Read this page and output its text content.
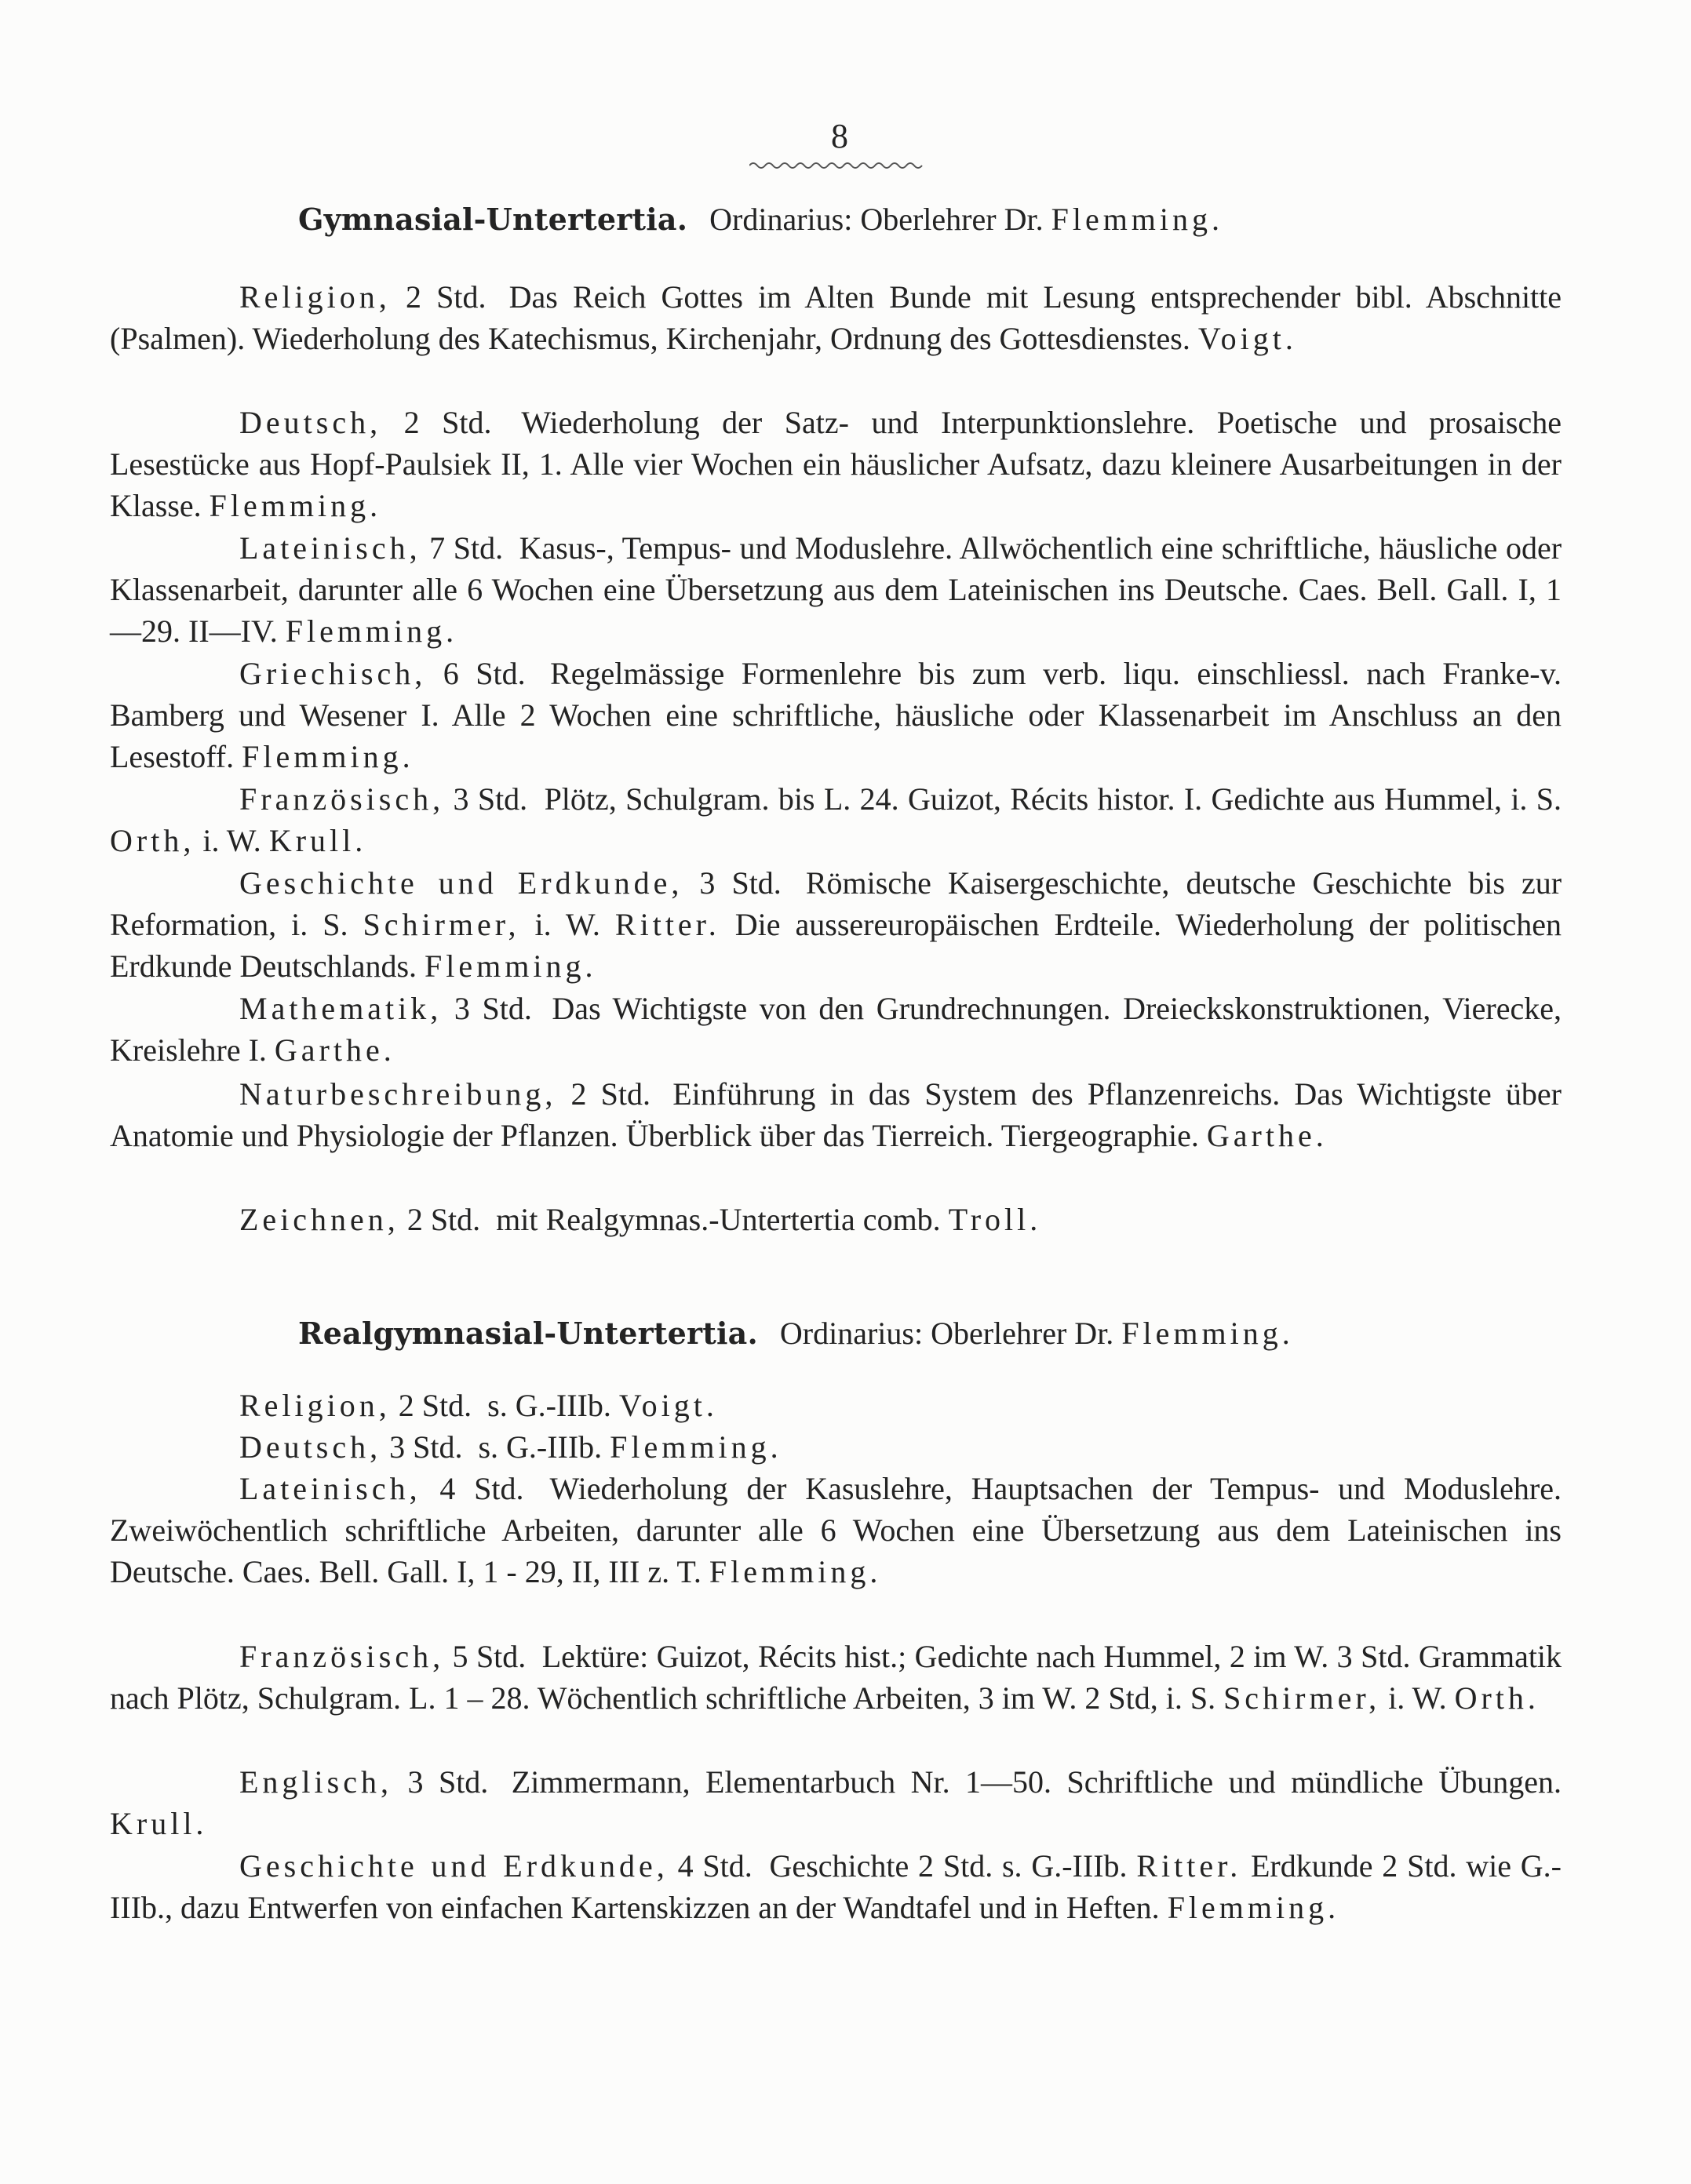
8
Gymnasial-Untertertia. Ordinarius: Oberlehrer Dr. Flemming.

Religion, 2 Std. Das Reich Gottes im Alten Bunde mit Lesung entsprechender bibl. Abschnitte (Psalmen). Wiederholung des Katechismus, Kirchenjahr, Ordnung des Gottesdienstes. Voigt.

Deutsch, 2 Std. Wiederholung der Satz- und Interpunktionslehre. Poetische und prosaische Lesestücke aus Hopf-Paulsiek II, 1. Alle vier Wochen ein häuslicher Aufsatz, dazu kleinere Ausarbeitungen in der Klasse. Flemming.

Lateinisch, 7 Std. Kasus-, Tempus- und Moduslehre. Allwöchentlich eine schriftliche, häusliche oder Klassenarbeit, darunter alle 6 Wochen eine Übersetzung aus dem Lateinischen ins Deutsche. Caes. Bell. Gall. I, 1—29. II—IV. Flemming.

Griechisch, 6 Std. Regelmässige Formenlehre bis zum verb. liqu. einschliessl. nach Franke-v. Bamberg und Wesener I. Alle 2 Wochen eine schriftliche, häusliche oder Klassenarbeit im Anschluss an den Lesestoff. Flemming.

Französisch, 3 Std. Plötz, Schulgram. bis L. 24. Guizot, Récits histor. I. Gedichte aus Hummel, i. S. Orth, i. W. Krull.

Geschichte und Erdkunde, 3 Std. Römische Kaisergeschichte, deutsche Geschichte bis zur Reformation, i. S. Schirmer, i. W. Ritter. Die aussereuropäischen Erdteile. Wiederholung der politischen Erdkunde Deutschlands. Flemming.

Mathematik, 3 Std. Das Wichtigste von den Grundrechnungen. Dreieckskonstruktionen, Vierecke, Kreislehre I. Garthe.

Naturbeschreibung, 2 Std. Einführung in das System des Pflanzenreichs. Das Wichtigste über Anatomie und Physiologie der Pflanzen. Überblick über das Tierreich. Tiergeographie. Garthe.

Zeichnen, 2 Std. mit Realgymnas.-Untertertia comb. Troll.

Realgymnasial-Untertertia. Ordinarius: Oberlehrer Dr. Flemming.

Religion, 2 Std. s. G.-IIIb. Voigt.

Deutsch, 3 Std. s. G.-IIIb. Flemming.

Lateinisch, 4 Std. Wiederholung der Kasuslehre, Hauptsachen der Tempus- und Moduslehre. Zweiwöchentlich schriftliche Arbeiten, darunter alle 6 Wochen eine Übersetzung aus dem Lateinischen ins Deutsche. Caes. Bell. Gall. I, 1 - 29, II, III z. T. Flemming.

Französisch, 5 Std. Lektüre: Guizot, Récits hist.; Gedichte nach Hummel, 2 im W. 3 Std. Grammatik nach Plötz, Schulgram. L. 1 – 28. Wöchentlich schriftliche Arbeiten, 3 im W. 2 Std, i. S. Schirmer, i. W. Orth.

Englisch, 3 Std. Zimmermann, Elementarbuch Nr. 1—50. Schriftliche und mündliche Übungen. Krull.

Geschichte und Erdkunde, 4 Std. Geschichte 2 Std. s. G.-IIIb. Ritter. Erdkunde 2 Std. wie G.-IIIb., dazu Entwerfen von einfachen Kartenskizzen an der Wandtafel und in Heften. Flemming.
